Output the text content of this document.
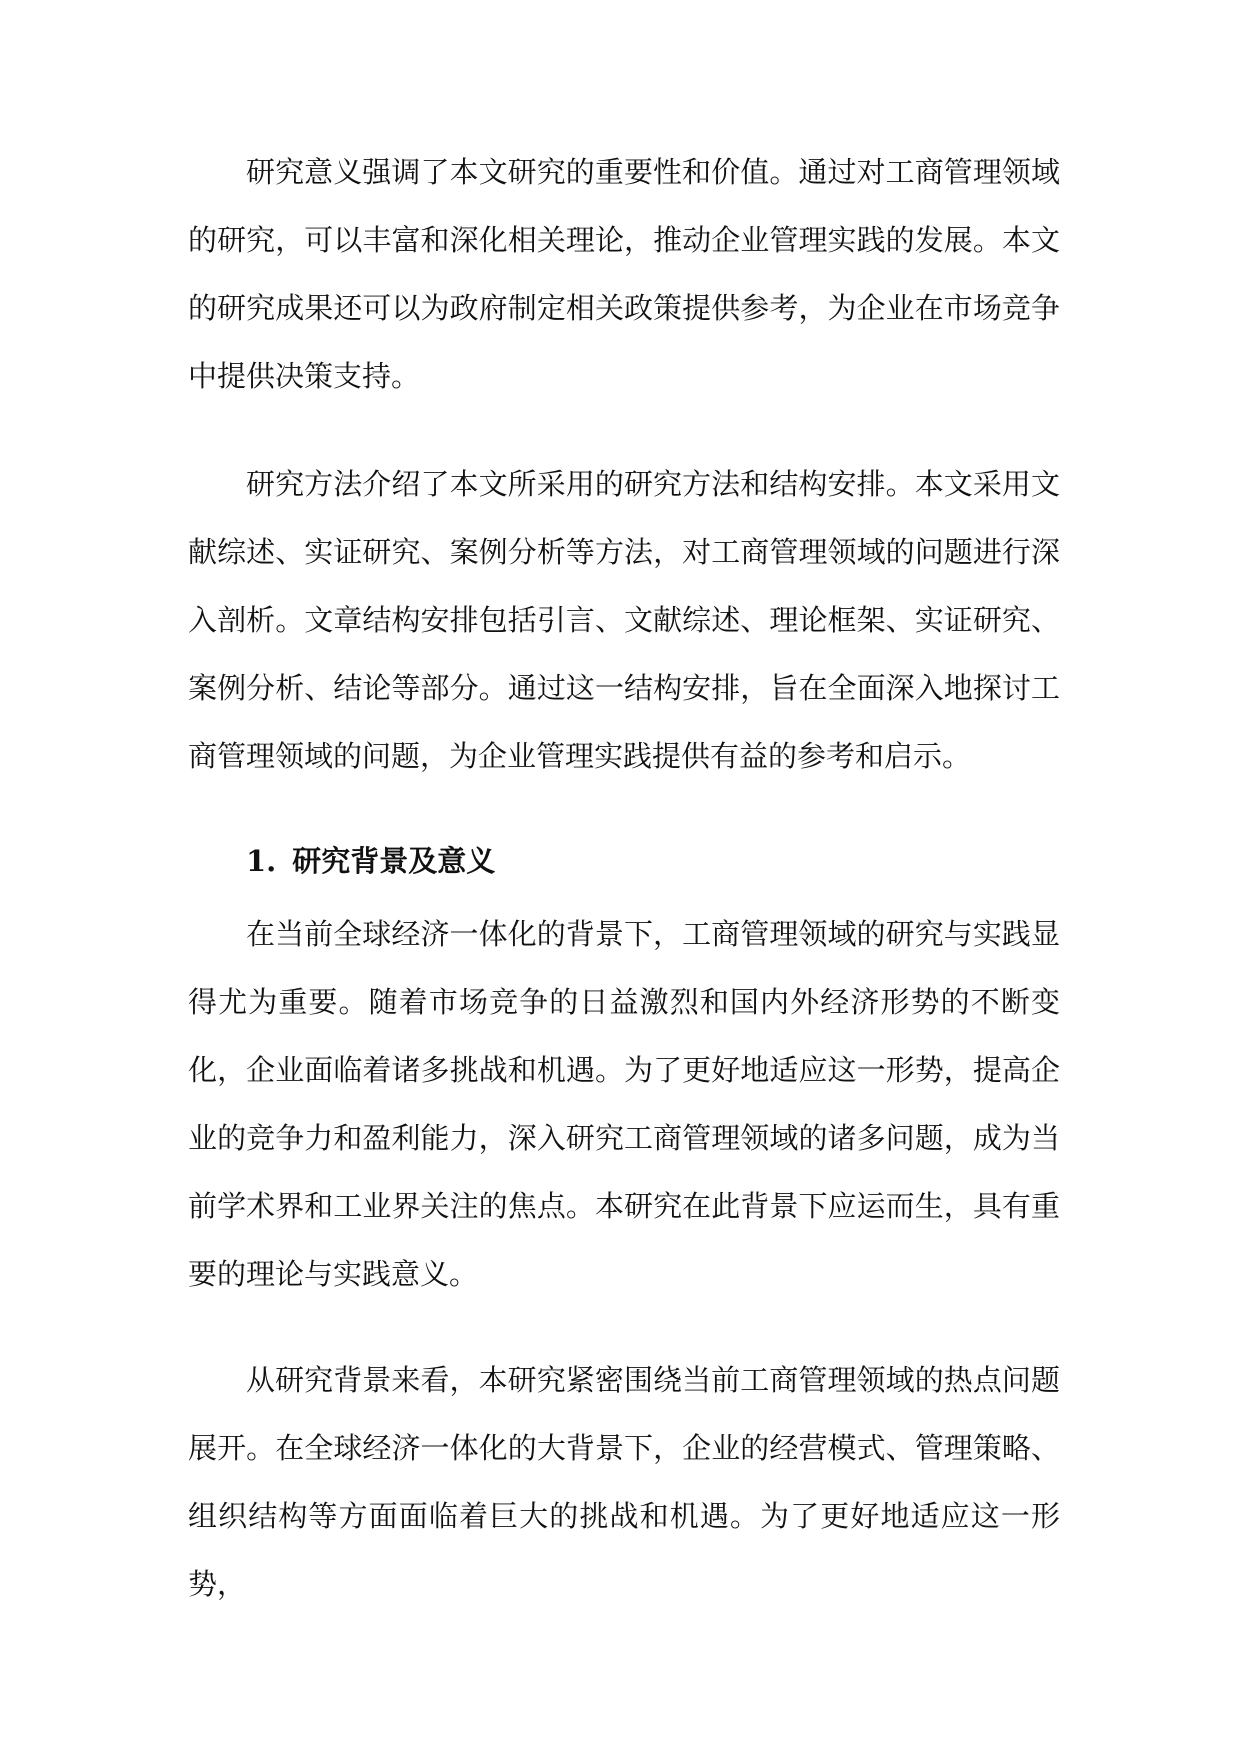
研究意义强调了本文研究的重要性和价值。通过对工商管理领域的研究，可以丰富和深化相关理论，推动企业管理实践的发展。本文的研究成果还可以为政府制定相关政策提供参考，为企业在市场竞争中提供决策支持。

研究方法介绍了本文所采用的研究方法和结构安排。本文采用文献综述、实证研究、案例分析等方法，对工商管理领域的问题进行深入剖析。文章结构安排包括引言、文献综述、理论框架、实证研究、案例分析、结论等部分。通过这一结构安排，旨在全面深入地探讨工商管理领域的问题，为企业管理实践提供有益的参考和启示。

1. 研究背景及意义

在当前全球经济一体化的背景下，工商管理领域的研究与实践显得尤为重要。随着市场竞争的日益激烈和国内外经济形势的不断变化，企业面临着诸多挑战和机遇。为了更好地适应这一形势，提高企业的竞争力和盈利能力，深入研究工商管理领域的诸多问题，成为当前学术界和工业界关注的焦点。本研究在此背景下应运而生，具有重要的理论与实践意义。

从研究背景来看，本研究紧密围绕当前工商管理领域的热点问题展开。在全球经济一体化的大背景下，企业的经营模式、管理策略、组织结构等方面面临着巨大的挑战和机遇。为了更好地适应这一形势，
